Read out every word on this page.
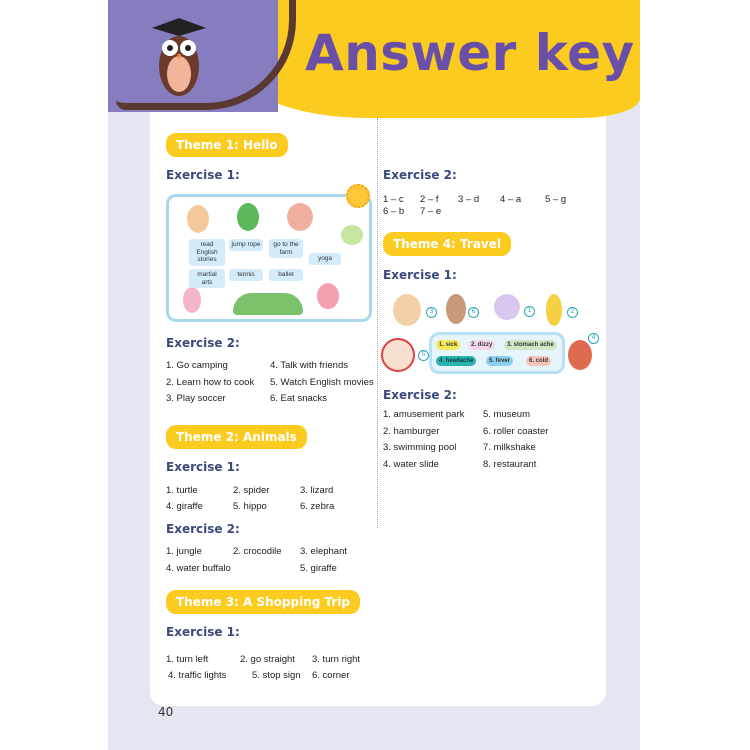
Answer key
Theme 1: Hello
Exercise 1:
read English stories
jump rope	go to the farm
yoga
martial arts
tennis	ballet
Exercise 2:
1. Go camping	4. Talk with friends
2. Learn how to cook 5. Watch English movies
3. Play soccer	6. Eat snacks
Theme 2: Animals
Exercise 1:
1. turtle	2. spider	3. lizard
4. giraffe	5. hippo	6. zebra
Exercise 2:
1. jungle	2. crocodile 3. elephant
4. water buffalo	5. giraffe
Theme 3: A Shopping Trip
Exercise 1:
1. turn left	2. go straight 3. turn right
4. traffic lights	5. stop sign 6. corner
Exercise 2:
1 – c 2 – f 3 – d 4 – a	5 – g
6 – b 7 – e
Theme 4: Travel
Exercise 1:
3	6	1	2
5
1. sick	2. dizzy	3. stomach ache
4. headache	5. fever	6. cold
4
Exercise 2:
1. amusement park 5. museum
2. hamburger	6. roller coaster
3. swimming pool	7. milkshake
4. water slide	8. restaurant
40
